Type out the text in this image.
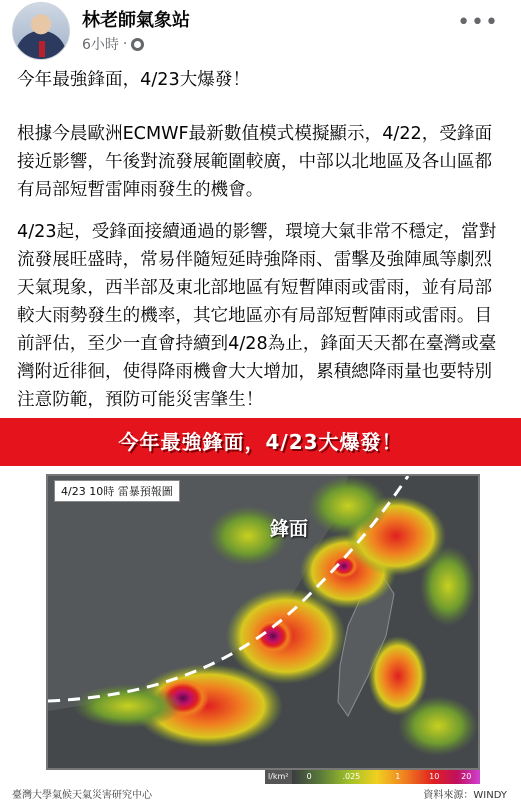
林老師氣象站
6小時 ·
•••

今年最強鋒面，4/23大爆發！

根據今晨歐洲ECMWF最新數值模式模擬顯示，4/22，受鋒面接近影響，午後對流發展範圍較廣，中部以北地區及各山區都有局部短暫雷陣雨發生的機會。

4/23起，受鋒面接續通過的影響，環境大氣非常不穩定，當對流發展旺盛時，常易伴隨短延時強降雨、雷擊及強陣風等劇烈天氣現象，西半部及東北部地區有短暫陣雨或雷雨，並有局部較大雨勢發生的機率，其它地區亦有局部短暫陣雨或雷雨。目前評估，至少一直會持續到4/28為止，鋒面天天都在臺灣或臺灣附近徘徊，使得降雨機會大大增加，累積總降雨量也要特別注意防範，預防可能災害肇生！

今年最強鋒面，4/23大爆發！
4/23 10時 雷暴預報圖
鋒面
l/km²	0	.025	1	10	20
臺灣大學氣候天氣災害研究中心	資料來源：WINDY
